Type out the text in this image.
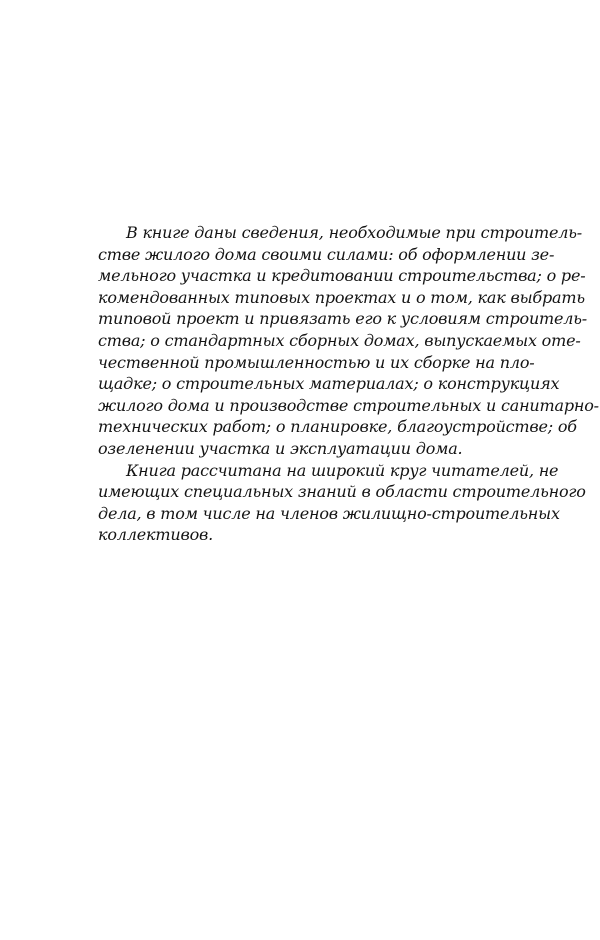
В книге даны сведения, необходимые при строитель-
стве жилого дома своими силами: об оформлении зе-
мельного участка и кредитовании строительства; о ре-
комендованных типовых проектах и о том, как выбрать
типовой проект и привязать его к условиям строитель-
ства; о стандартных сборных домах, выпускаемых оте-
чественной промышленностью и их сборке на пло-
щадке; о строительных материалах; о конструкциях
жилого дома и производстве строительных и санитарно-
технических работ; о планировке, благоустройстве; об
озеленении участка и эксплуатации дома.
Книга рассчитана на широкий круг читателей, не
имеющих специальных знаний в области строительного
дела, в том числе на членов жилищно-строительных
коллективов.
